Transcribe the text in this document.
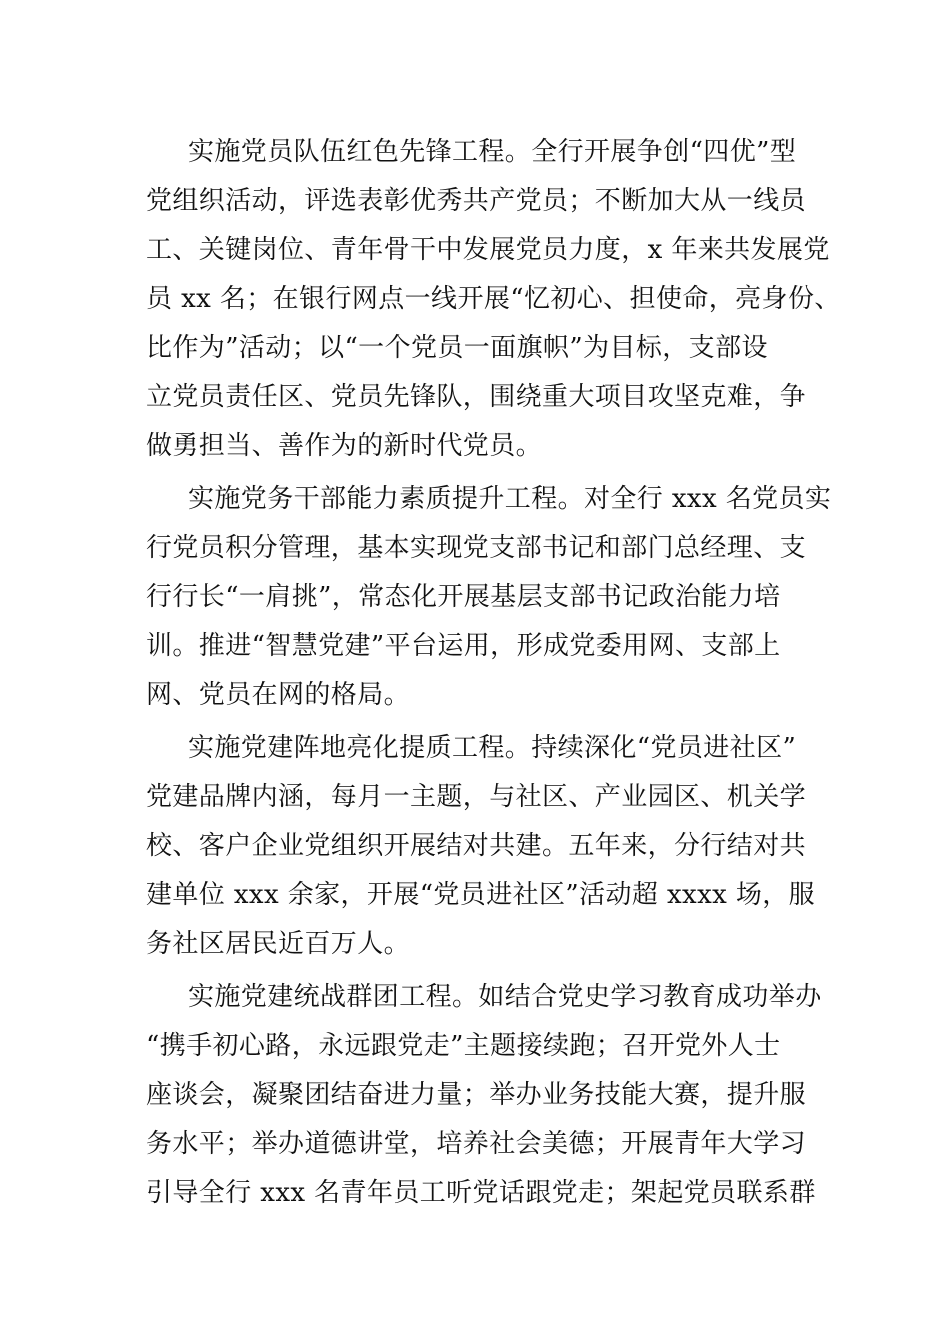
实施党员队伍红色先锋工程。全行开展争创“四优”型

党组织活动，评选表彰优秀共产党员；不断加大从一线员

工、关键岗位、青年骨干中发展党员力度，x 年来共发展党

员 xx 名；在银行网点一线开展“忆初心、担使命，亮身份、

比作为”活动；以“一个党员一面旗帜”为目标，支部设

立党员责任区、党员先锋队，围绕重大项目攻坚克难，争

做勇担当、善作为的新时代党员。

实施党务干部能力素质提升工程。对全行 xxx 名党员实

行党员积分管理，基本实现党支部书记和部门总经理、支

行行长“一肩挑”，常态化开展基层支部书记政治能力培

训。推进“智慧党建”平台运用，形成党委用网、支部上

网、党员在网的格局。

实施党建阵地亮化提质工程。持续深化“党员进社区”

党建品牌内涵，每月一主题，与社区、产业园区、机关学

校、客户企业党组织开展结对共建。五年来，分行结对共

建单位 xxx 余家，开展“党员进社区”活动超 xxxx 场，服

务社区居民近百万人。

实施党建统战群团工程。如结合党史学习教育成功举办

“携手初心路，永远跟党走”主题接续跑；召开党外人士

座谈会，凝聚团结奋进力量；举办业务技能大赛，提升服

务水平；举办道德讲堂，培养社会美德；开展青年大学习

引导全行 xxx 名青年员工听党话跟党走；架起党员联系群
